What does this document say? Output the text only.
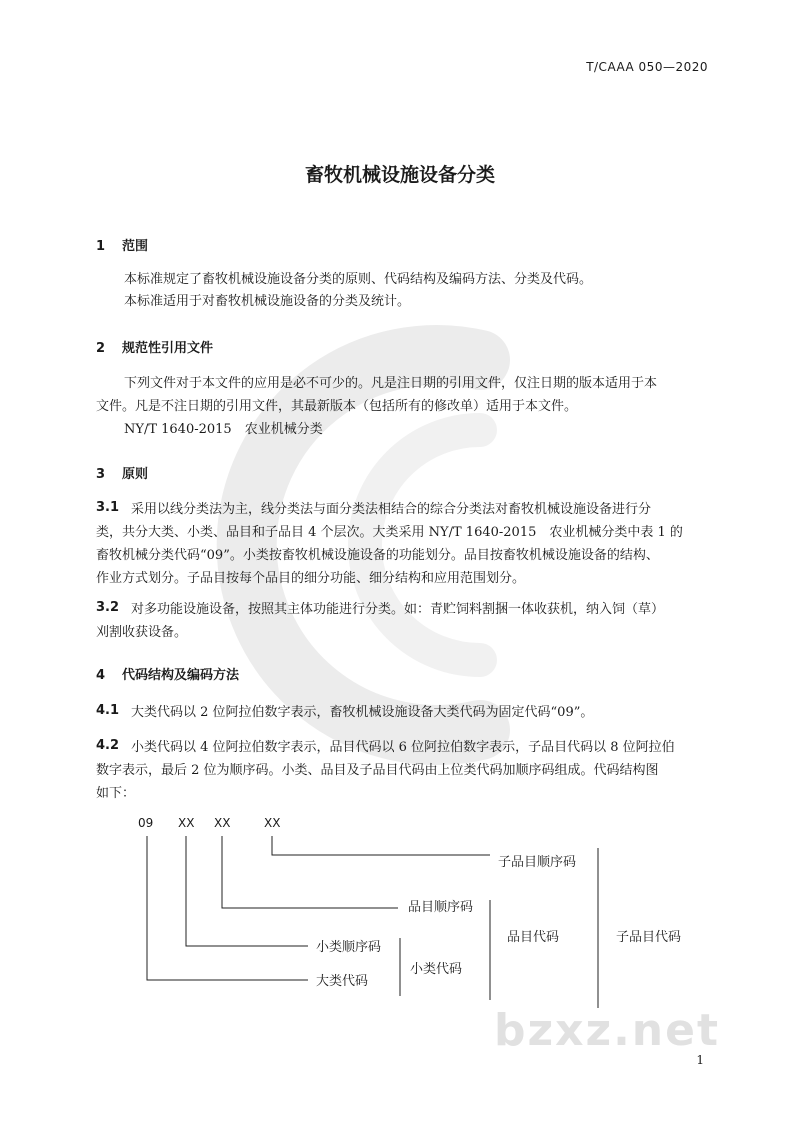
T/CAAA 050—2020
畜牧机械设施设备分类
1 范围
本标准规定了畜牧机械设施设备分类的原则、代码结构及编码方法、分类及代码。
本标准适用于对畜牧机械设施设备的分类及统计。
2 规范性引用文件
下列文件对于本文件的应用是必不可少的。凡是注日期的引用文件，仅注日期的版本适用于本
文件。凡是不注日期的引用文件，其最新版本（包括所有的修改单）适用于本文件。
NY/T 1640-2015　农业机械分类
3 原则
3.1 采用以线分类法为主，线分类法与面分类法相结合的综合分类法对畜牧机械设施设备进行分
类，共分大类、小类、品目和子品目 4 个层次。大类采用 NY/T 1640-2015　农业机械分类中表 1 的
畜牧机械分类代码“09”。小类按畜牧机械设施设备的功能划分。品目按畜牧机械设施设备的结构、
作业方式划分。子品目按每个品目的细分功能、细分结构和应用范围划分。
3.2 对多功能设施设备，按照其主体功能进行分类。如：青贮饲料割捆一体收获机，纳入饲（草）
刈割收获设备。
4 代码结构及编码方法
4.1 大类代码以 2 位阿拉伯数字表示，畜牧机械设施设备大类代码为固定代码“09”。
4.2 小类代码以 4 位阿拉伯数字表示，品目代码以 6 位阿拉伯数字表示，子品目代码以 8 位阿拉伯
数字表示，最后 2 位为顺序码。小类、品目及子品目代码由上位类代码加顺序码组成。代码结构图
如下：
09 XX XX	XX
子品目顺序码
品目顺序码
小类顺序码
大类代码
小类代码
品目代码	子品目代码
bzxz.net
1
